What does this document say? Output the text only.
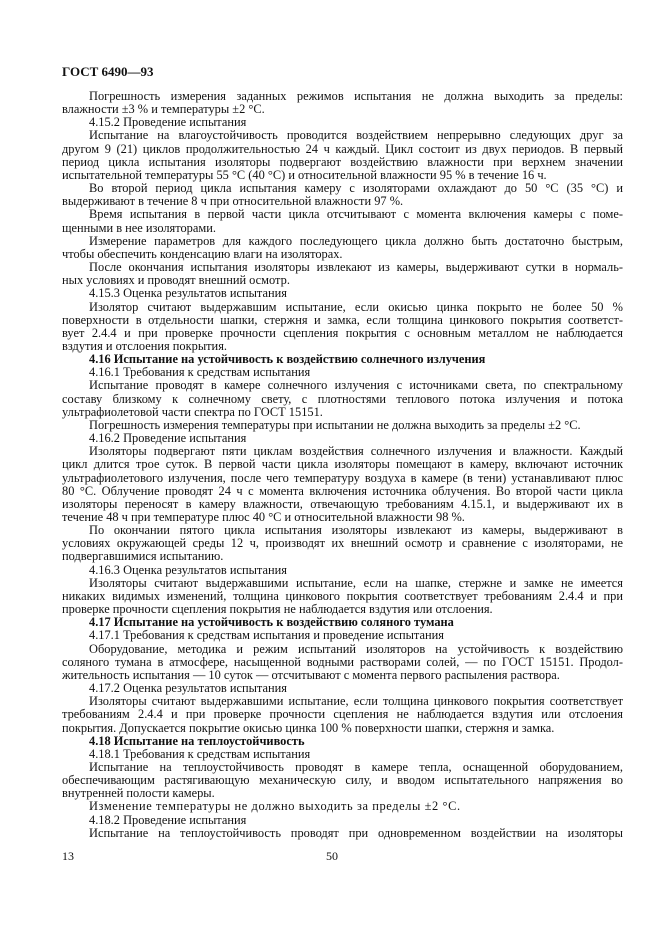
ГОСТ 6490—93
Погрешность измерения заданных режимов испытания не должна выходить за пределы:
влажности ±3 % и температуры ±2 °С.
4.15.2 Проведение испытания
Испытание на влагоустойчивость проводится воздействием непрерывно следующих друг за
другом 9 (21) циклов продолжительностью 24 ч каждый. Цикл состоит из двух периодов. В первый
период цикла испытания изоляторы подвергают воздействию влажности при верхнем значении
испытательной температуры 55 °С (40 °С) и относительной влажности 95 % в течение 16 ч.
Во второй период цикла испытания камеру с изоляторами охлаждают до 50 °С (35 °С) и
выдерживают в течение 8 ч при относительной влажности 97 %.
Время испытания в первой части цикла отсчитывают с момента включения камеры с поме-
щенными в нее изоляторами.
Измерение параметров для каждого последующего цикла должно быть достаточно быстрым,
чтобы обеспечить конденсацию влаги на изоляторах.
После окончания испытания изоляторы извлекают из камеры, выдерживают сутки в нормаль-
ных условиях и проводят внешний осмотр.
4.15.3 Оценка результатов испытания
Изолятор считают выдержавшим испытание, если окисью цинка покрыто не более 50 %
поверхности в отдельности шапки, стержня и замка, если толщина цинкового покрытия соответст-
вует 2.4.4 и при проверке прочности сцепления покрытия с основным металлом не наблюдается
вздутия и отслоения покрытия.
4.16 Испытание на устойчивость к воздействию солнечного излучения
4.16.1 Требования к средствам испытания
Испытание проводят в камере солнечного излучения с источниками света, по спектральному
составу близкому к солнечному свету, с плотностями теплового потока излучения и потока
ультрафиолетовой части спектра по ГОСТ 15151.
Погрешность измерения температуры при испытании не должна выходить за пределы ±2 °С.
4.16.2 Проведение испытания
Изоляторы подвергают пяти циклам воздействия солнечного излучения и влажности. Каждый
цикл длится трое суток. В первой части цикла изоляторы помещают в камеру, включают источник
ультрафиолетового излучения, после чего температуру воздуха в камере (в тени) устанавливают плюс
80 °С. Облучение проводят 24 ч с момента включения источника облучения. Во второй части цикла
изоляторы переносят в камеру влажности, отвечающую требованиям 4.15.1, и выдерживают их в
течение 48 ч при температуре плюс 40 °С и относительной влажности 98 %.
По окончании пятого цикла испытания изоляторы извлекают из камеры, выдерживают в
условиях окружающей среды 12 ч, производят их внешний осмотр и сравнение с изоляторами, не
подвергавшимися испытанию.
4.16.3 Оценка результатов испытания
Изоляторы считают выдержавшими испытание, если на шапке, стержне и замке не имеется
никаких видимых изменений, толщина цинкового покрытия соответствует требованиям 2.4.4 и при
проверке прочности сцепления покрытия не наблюдается вздутия или отслоения.
4.17 Испытание на устойчивость к воздействию соляного тумана
4.17.1 Требования к средствам испытания и проведение испытания
Оборудование, методика и режим испытаний изоляторов на устойчивость к воздействию
соляного тумана в атмосфере, насыщенной водными растворами солей, — по ГОСТ 15151. Продол-
жительность испытания — 10 суток — отсчитывают с момента первого распыления раствора.
4.17.2 Оценка результатов испытания
Изоляторы считают выдержавшими испытание, если толщина цинкового покрытия соответствует
требованиям 2.4.4 и при проверке прочности сцепления не наблюдается вздутия или отслоения
покрытия. Допускается покрытие окисью цинка 100 % поверхности шапки, стержня и замка.
4.18 Испытание на теплоустойчивость
4.18.1 Требования к средствам испытания
Испытание на теплоустойчивость проводят в камере тепла, оснащенной оборудованием,
обеспечивающим растягивающую механическую силу, и вводом испытательного напряжения во
внутренней полости камеры.
Изменение температуры не должно выходить за пределы ±2 °С.
4.18.2 Проведение испытания
Испытание на теплоустойчивость проводят при одновременном воздействии на изоляторы
13	50
